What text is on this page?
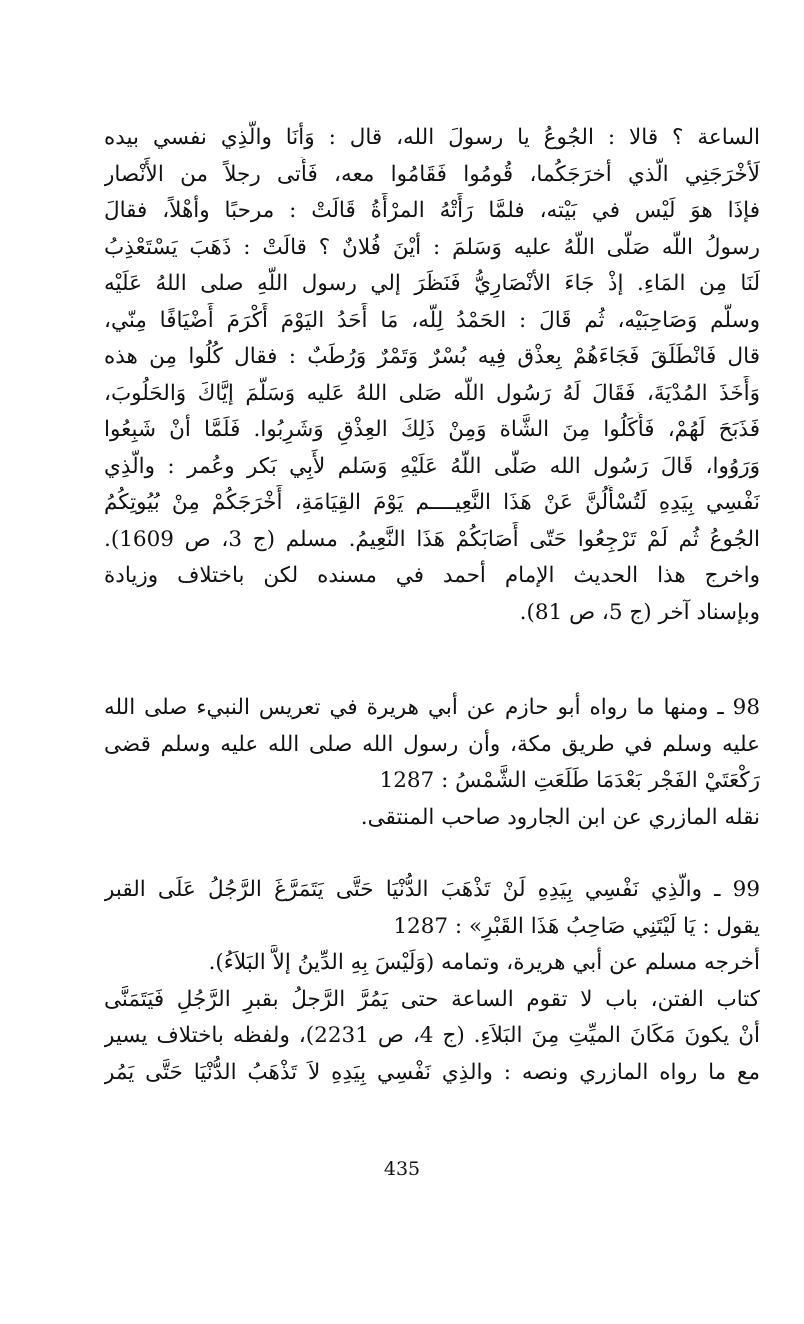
الساعة ؟ قالا : الجُوعُ يا رسولَ الله، قال : وَأنَا والَّذِي نفسي بيده
لَأخْرَجَنِي الّذي أخرَجَكُما، قُومُوا فَقَامُوا معه، فَأَتى رجلاً من الأَنْصار
فإذَا هوَ لَيْس في بَيْته، فلمَّا رَأَتْهُ المرْأَةُ قَالَتْ : مرحبًا وأهْلاً، فقالَ
رسولُ اللَّه صَلَّى اللَّهُ عليه وَسَلمَ : أيْنَ فُلانٌ ؟ قالَتْ : ذَهَبَ يَسْتَعْذِبُ
لَنَا مِن المَاءِ. إذْ جَاءَ الأنْصَارِيُّ فَنَظَرَ إلي رسول اللَّهِ صلى اللهُ عَلَيْه
وسلَّم وَصَاحِبَيْه، ثُم قَالَ : الحَمْدُ لِلَّه، مَا أَحَدُ اليَوْمَ أَكْرَمَ أَضْيَافًا مِنّي،
قال فَانْطَلَقَ فَجَاءَهُمْ بِعذْق فِيه بُسْرٌ وَتَمْرٌ وَرُطَبٌ : فقال كُلُوا مِن هذه
وَأَخَذَ المُدْيَةَ، فَقَالَ لَهُ رَسُول اللَّه صَلى اللهُ عَليه وَسَلَّمَ إيَّاكَ وَالحَلُوبَ،
فَذَبَحَ لَهُمْ، فَأَكَلُوا مِنَ الشَّاة وَمِنْ ذَلِكَ العِذْقِ وَشَرِبُوا. فَلَمَّا أنْ شَبِعُوا
وَرَوُوا، قَالَ رَسُول الله صَلَّى اللَّهُ عَلَيْهِ وَسَلم لأَبِي بَكر وعُمر : والَّذِي
نَفْسِي بِيَدِهِ لَتُسْأَلُنَّ عَنْ هَذَا النَّعِيــــم يَوْمَ القِيَامَةِ، أَخْرَجَكُمْ مِنْ بُيُوتِكُمُ
الجُوعُ ثُم لَمْ تَرْجِعُوا حَتّى أَصَابَكُمْ هَذَا النَّعِيمُ. مسلم (ج 3، ص 1609).
واخرج هذا الحديث الإمام أحمد في مسنده لكن باختلاف وزيادة
وبإسناد آخر (ج 5، ص 81).
98 ـ ومنها ما رواه أبو حازم عن أبي هريرة في تعريس النبيء صلى الله
عليه وسلم في طريق مكة، وأن رسول الله صلى الله عليه وسلم قضى
رَكْعَتَيْ الفَجْر بَعْدَمَا طَلَعَتِ الشَّمْسُ : 1287
نقله المازري عن ابن الجارود صاحب المنتقى.
99 ـ والَّذِي نَفْسِي بِيَدِهِ لَنْ تَذْهَبَ الدُّنْيَا حَتَّى يَتَمَرَّغَ الرَّجُلُ عَلَى القبر
يقول : يَا لَيْتَنِي صَاحِبُ هَذَا القَبْرِ» : 1287
أخرجه مسلم عن أبي هريرة، وتمامه (وَلَيْسَ بِهِ الدِّينُ إلاَّ البَلاَءُ).
كتاب الفتن، باب لا تقوم الساعة حتى يَمُرَّ الرَّجلُ بقبرِ الرَّجُلِ فَيَتَمَنَّى
أنْ يكونَ مَكَانَ الميِّتِ مِنَ البَلاَءِ. (ج 4، ص 2231)، ولفظه باختلاف يسير
مع ما رواه المازري ونصه : والذِي نَفْسِي بِيَدِهِ لاَ تَذْهَبُ الدُّنْيَا حَتَّى يَمُر
435
